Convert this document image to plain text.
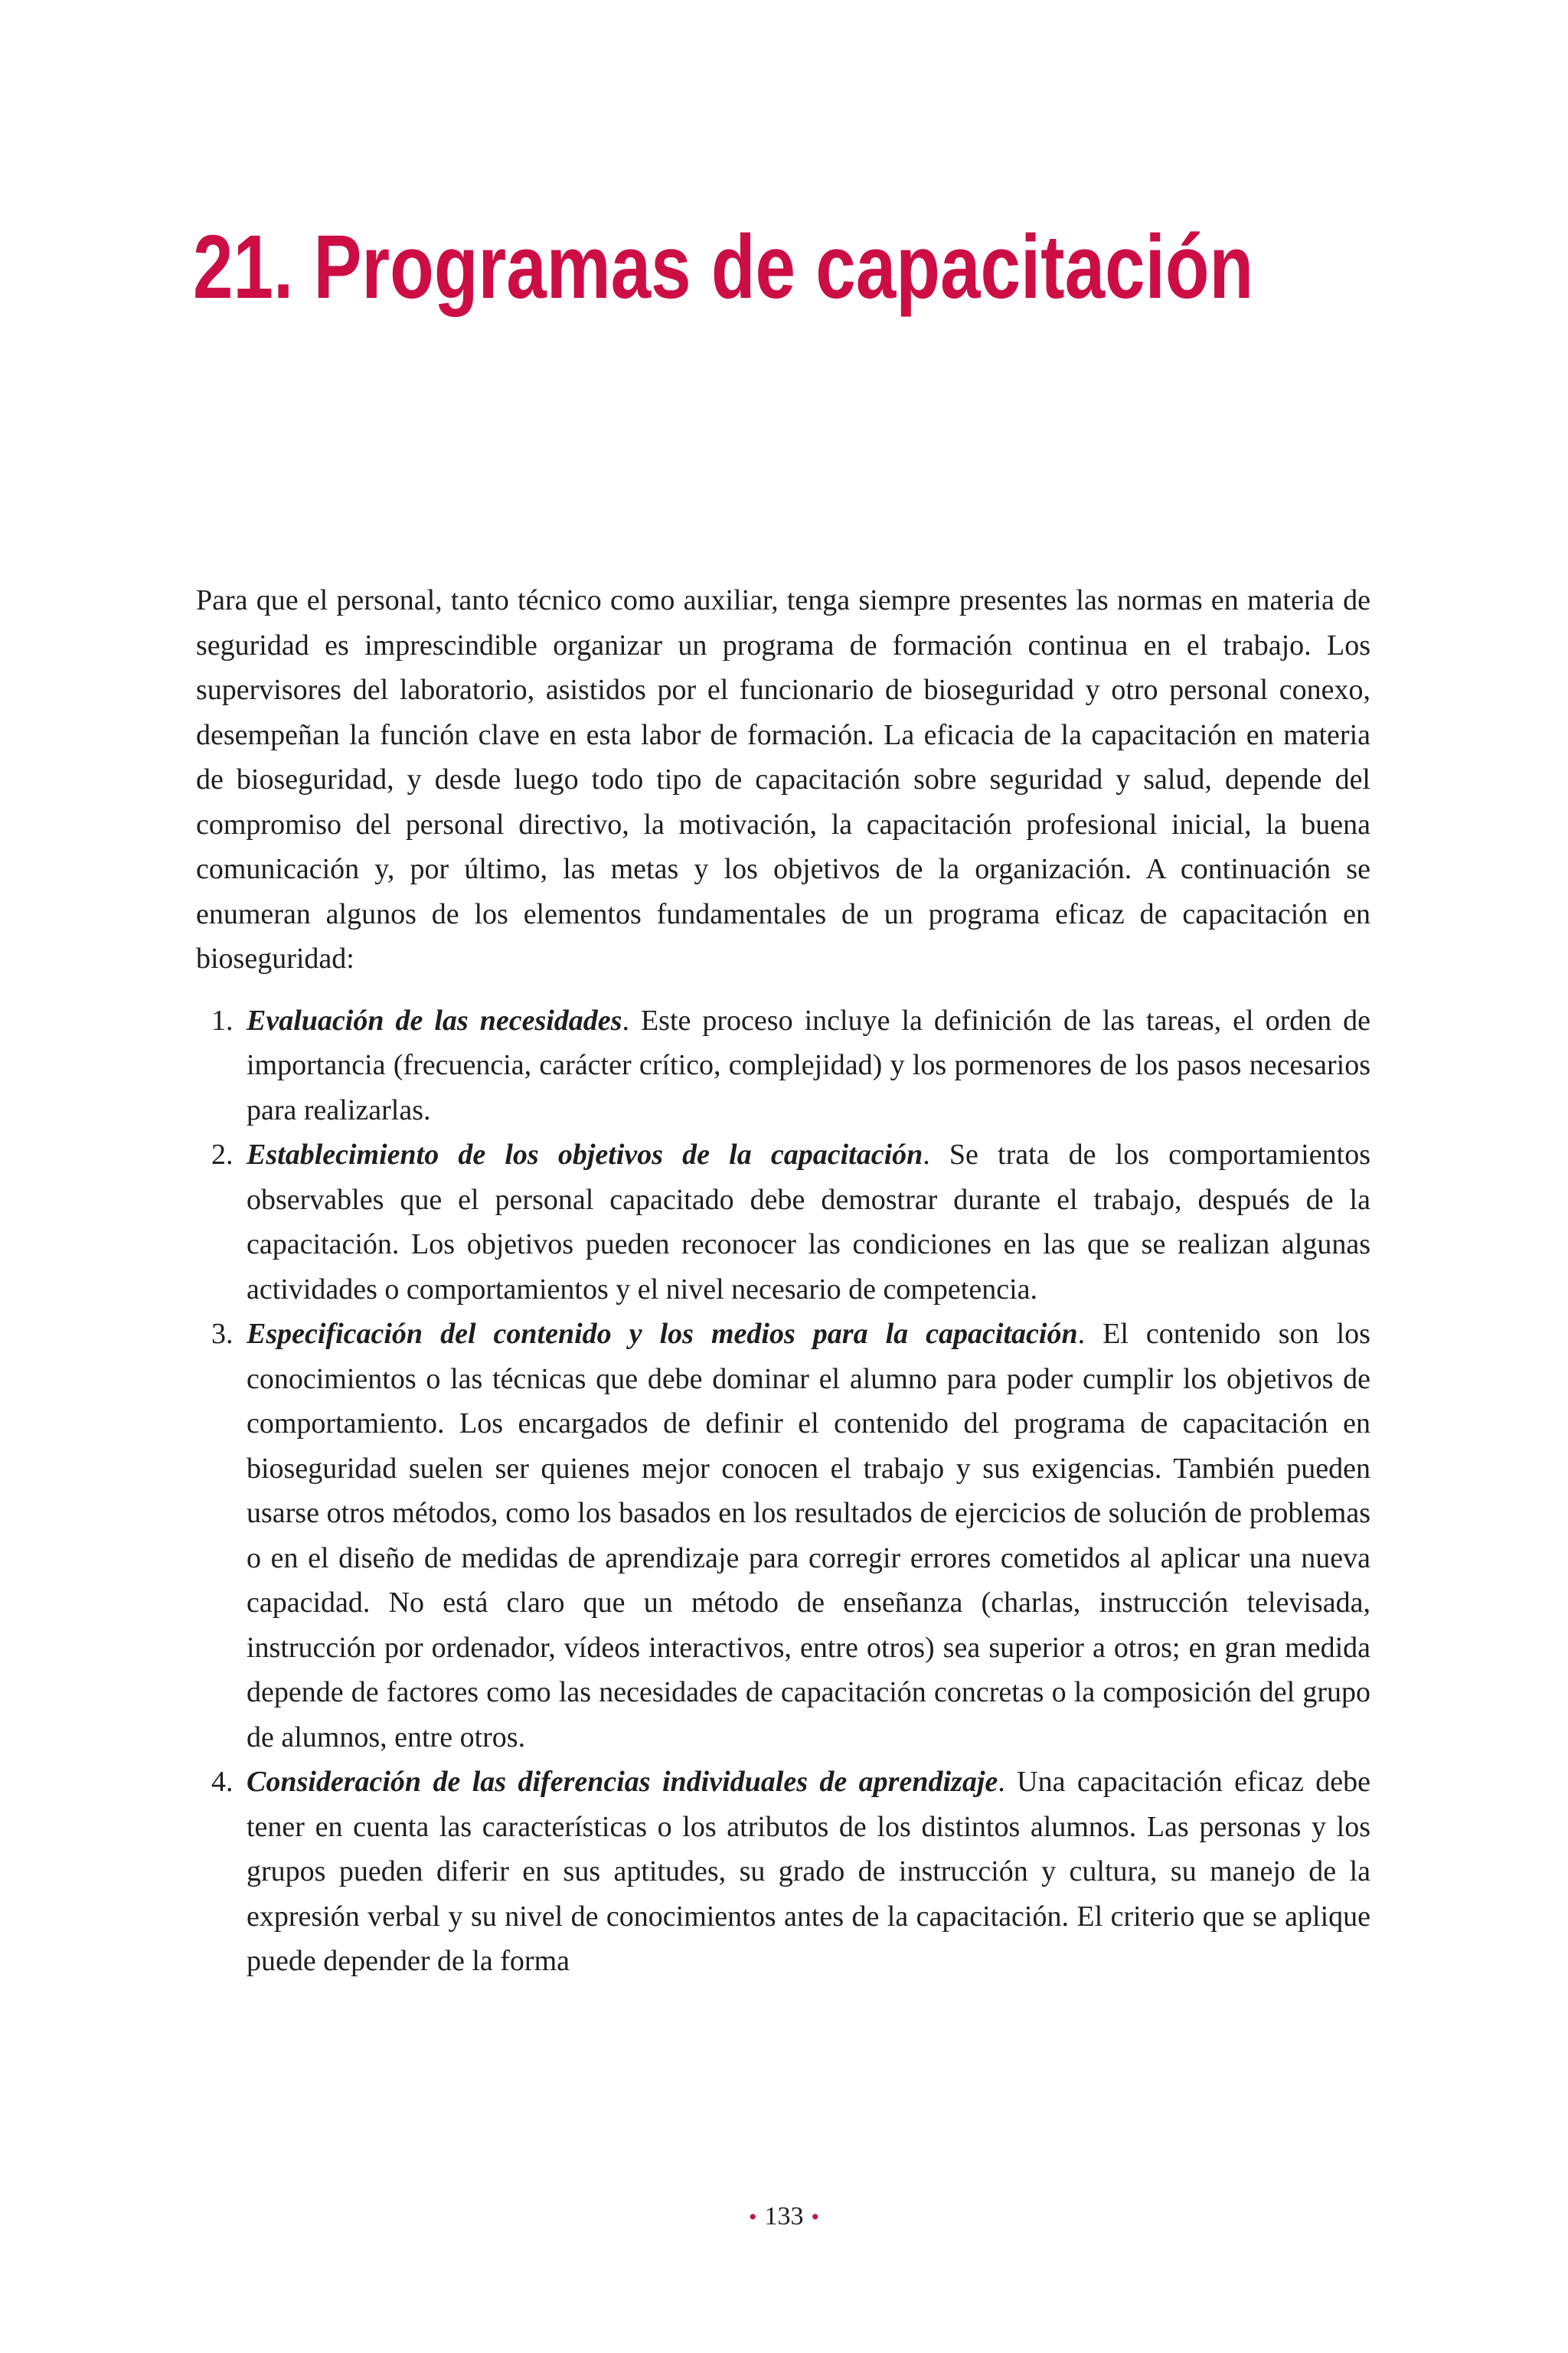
21. Programas de capacitación

Para que el personal, tanto técnico como auxiliar, tenga siempre presentes las normas en materia de seguridad es imprescindible organizar un programa de formación continua en el trabajo. Los supervisores del laboratorio, asistidos por el funcionario de bioseguridad y otro personal conexo, desempeñan la función clave en esta labor de formación. La eficacia de la capacitación en materia de bioseguridad, y desde luego todo tipo de capacitación sobre seguridad y salud, depende del compromiso del personal directivo, la motivación, la capacitación profesional inicial, la buena comunicación y, por último, las metas y los objetivos de la organización. A continuación se enumeran algunos de los elementos fundamentales de un programa eficaz de capacitación en bioseguridad:

1. Evaluación de las necesidades. Este proceso incluye la definición de las tareas, el orden de importancia (frecuencia, carácter crítico, complejidad) y los pormenores de los pasos necesarios para realizarlas.
2. Establecimiento de los objetivos de la capacitación. Se trata de los comportamientos observables que el personal capacitado debe demostrar durante el trabajo, después de la capacitación. Los objetivos pueden reconocer las condiciones en las que se realizan algunas actividades o comportamientos y el nivel necesario de competencia.
3. Especificación del contenido y los medios para la capacitación. El contenido son los conocimientos o las técnicas que debe dominar el alumno para poder cumplir los objetivos de comportamiento. Los encargados de definir el contenido del programa de capacitación en bioseguridad suelen ser quienes mejor conocen el trabajo y sus exigencias. También pueden usarse otros métodos, como los basados en los resultados de ejercicios de solución de problemas o en el diseño de medidas de aprendizaje para corregir errores cometidos al aplicar una nueva capacidad. No está claro que un método de enseñanza (charlas, instrucción televisada, instrucción por ordenador, vídeos interactivos, entre otros) sea superior a otros; en gran medida depende de factores como las necesidades de capacitación concretas o la composición del grupo de alumnos, entre otros.
4. Consideración de las diferencias individuales de aprendizaje. Una capacitación eficaz debe tener en cuenta las características o los atributos de los distintos alumnos. Las personas y los grupos pueden diferir en sus aptitudes, su grado de instrucción y cultura, su manejo de la expresión verbal y su nivel de conocimientos antes de la capacitación. El criterio que se aplique puede depender de la forma
• 133 •
